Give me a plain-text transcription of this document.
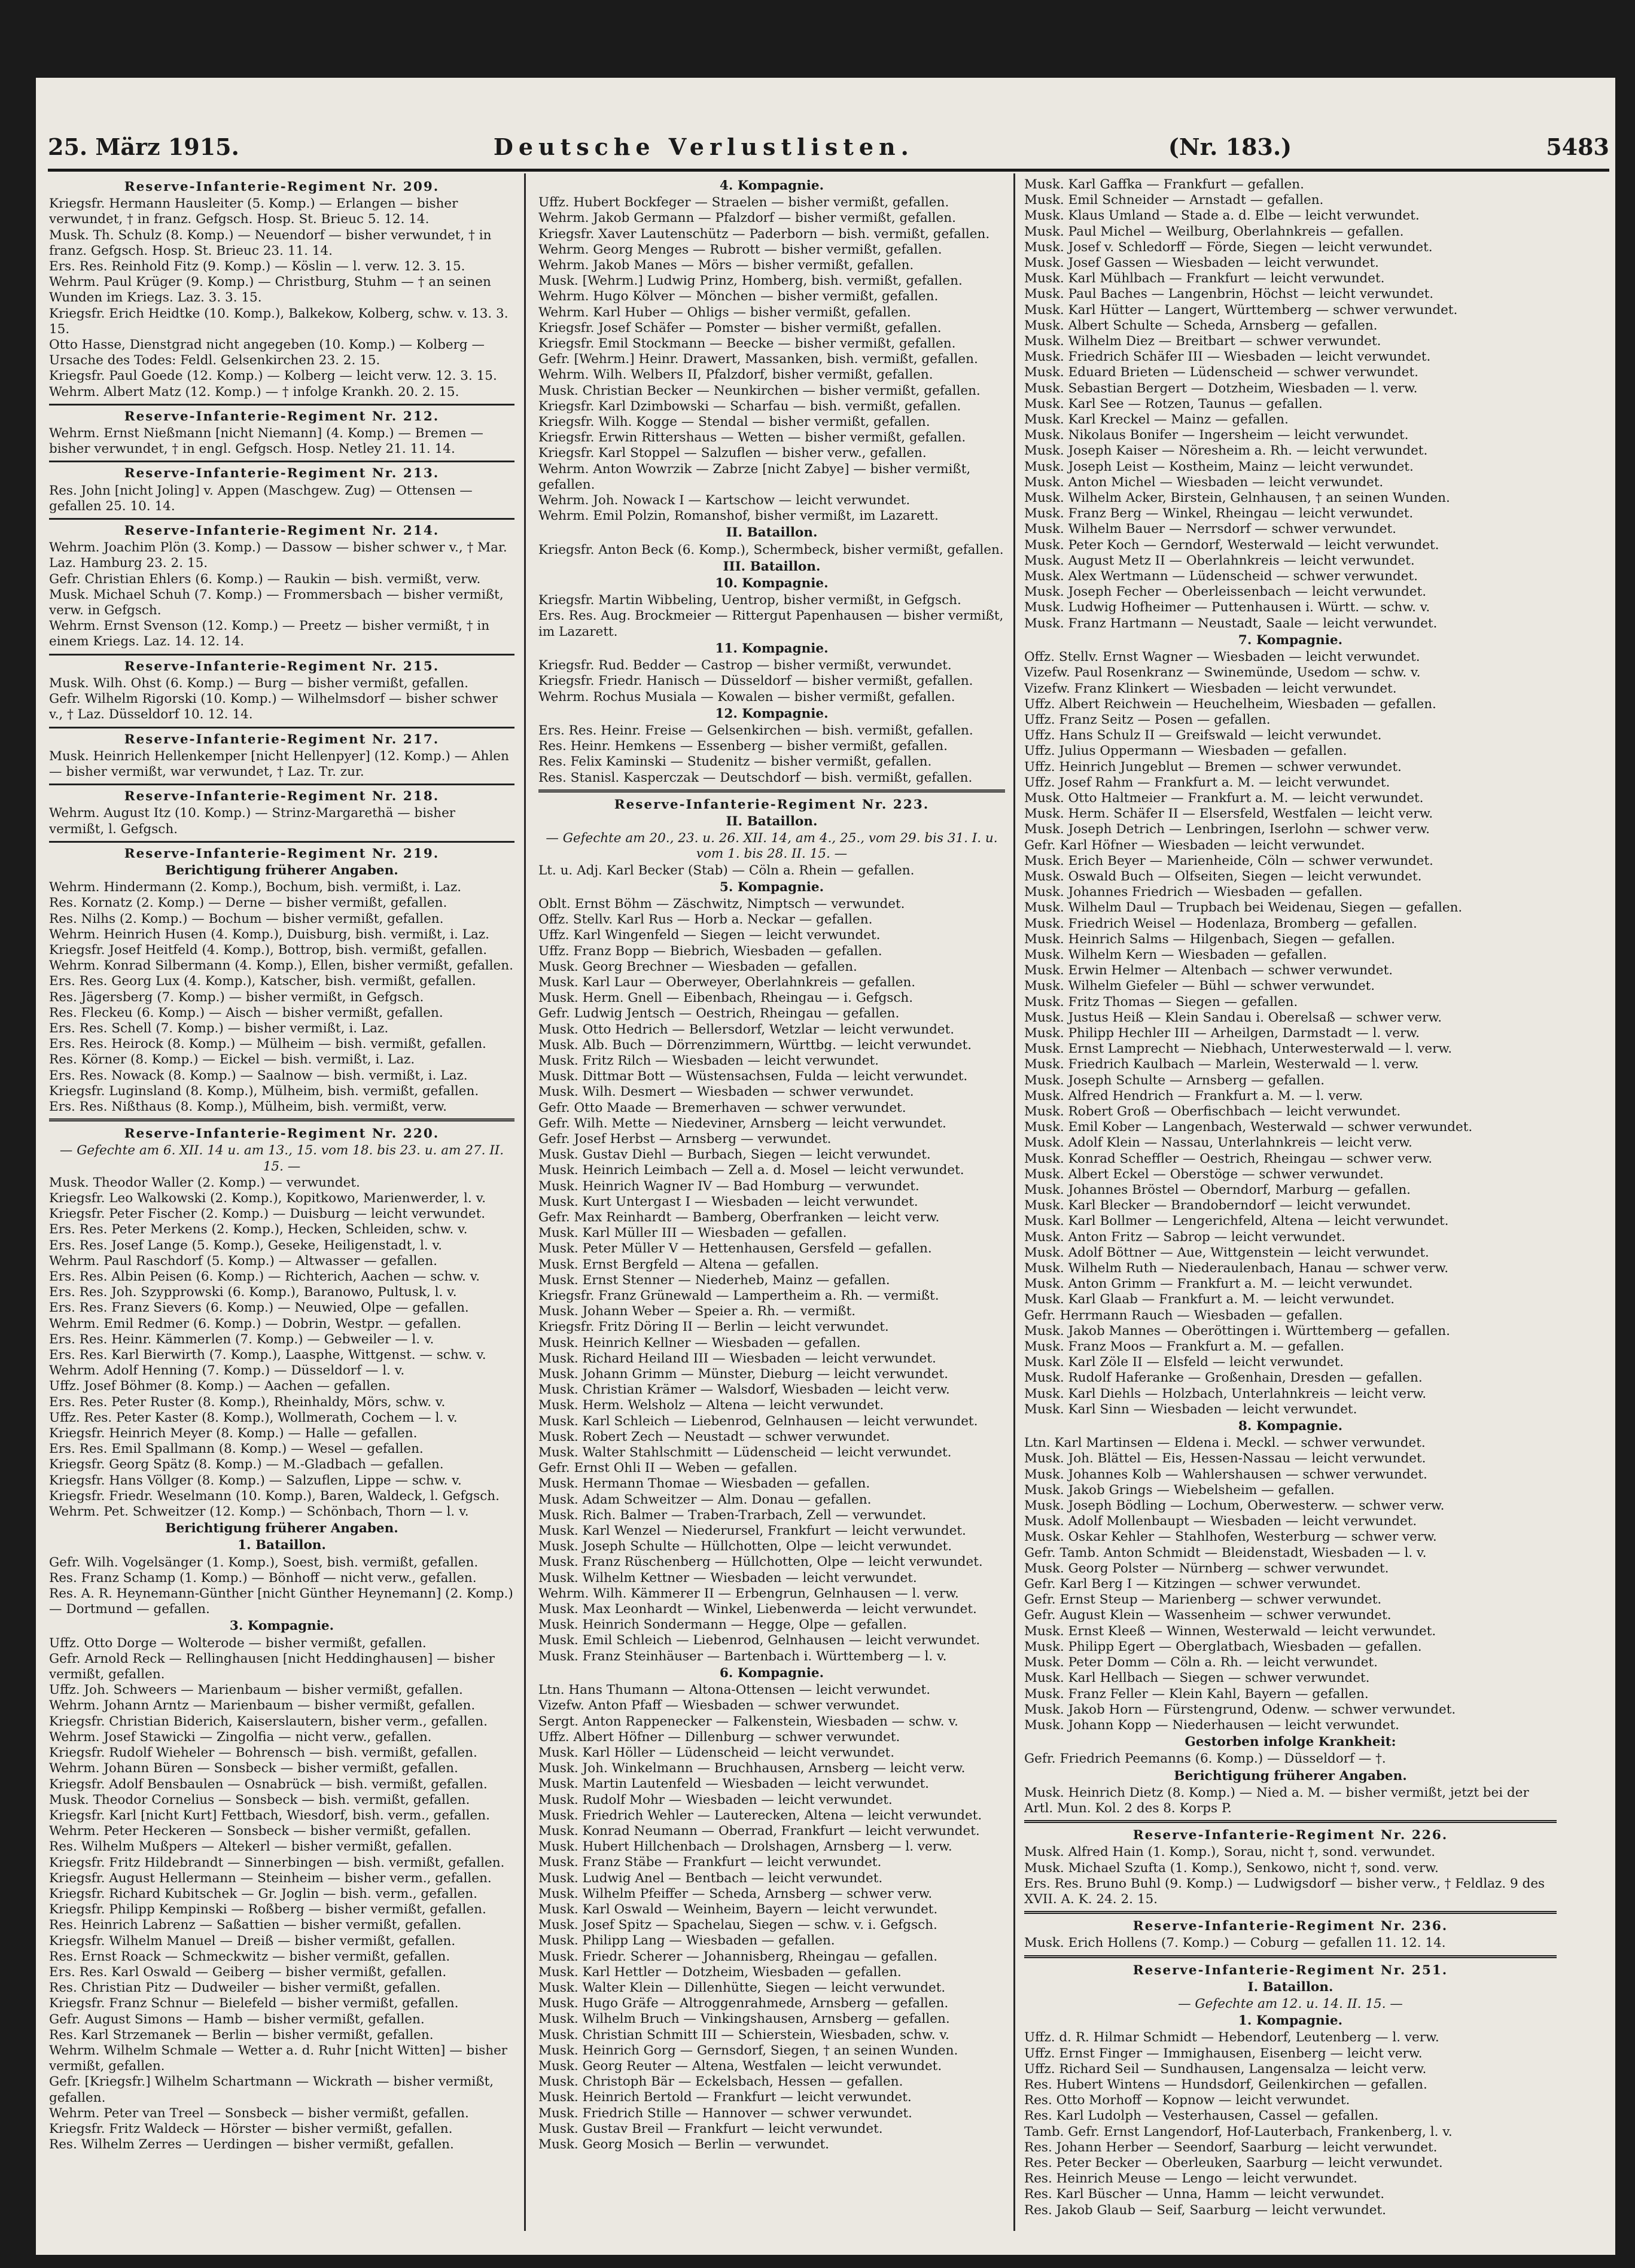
25. März 1915.	Deutsche Verlustlisten.	(Nr. 183.)	5483
Reserve-Infanterie-Regiment Nr. 209.
Kriegsfr. Hermann Hausleiter (5. Komp.) — Erlangen — bisher verwundet, † in franz. Gefgsch. Hosp. St. Brieuc 5. 12. 14.
Musk. Th. Schulz (8. Komp.) — Neuendorf — bisher verwundet, † in franz. Gefgsch. Hosp. St. Brieuc 23. 11. 14.
Ers. Res. Reinhold Fitz (9. Komp.) — Köslin — l. verw. 12. 3. 15.
Wehrm. Paul Krüger (9. Komp.) — Christburg, Stuhm — † an seinen Wunden im Kriegs. Laz. 3. 3. 15.
Kriegsfr. Erich Heidtke (10. Komp.), Balkekow, Kolberg, schw. v. 13. 3. 15.
Otto Hasse, Dienstgrad nicht angegeben (10. Komp.) — Kolberg — Ursache des Todes: Feldl. Gelsenkirchen 23. 2. 15.
Kriegsfr. Paul Goede (12. Komp.) — Kolberg — leicht verw. 12. 3. 15.
Wehrm. Albert Matz (12. Komp.) — † infolge Krankh. 20. 2. 15.
Reserve-Infanterie-Regiment Nr. 212.
Wehrm. Ernst Nießmann [nicht Niemann] (4. Komp.) — Bremen — bisher verwundet, † in engl. Gefgsch. Hosp. Netley 21. 11. 14.
Reserve-Infanterie-Regiment Nr. 213.
Res. John [nicht Joling] v. Appen (Maschgew. Zug) — Ottensen — gefallen 25. 10. 14.
Reserve-Infanterie-Regiment Nr. 214.
Wehrm. Joachim Plön (3. Komp.) — Dassow — bisher schwer v., † Mar. Laz. Hamburg 23. 2. 15.
Gefr. Christian Ehlers (6. Komp.) — Raukin — bish. vermißt, verw.
Musk. Michael Schuh (7. Komp.) — Frommersbach — bisher vermißt, verw. in Gefgsch.
Wehrm. Ernst Svenson (12. Komp.) — Preetz — bisher vermißt, † in einem Kriegs. Laz. 14. 12. 14.
Reserve-Infanterie-Regiment Nr. 215.
Musk. Wilh. Ohst (6. Komp.) — Burg — bisher vermißt, gefallen.
Gefr. Wilhelm Rigorski (10. Komp.) — Wilhelmsdorf — bisher schwer v., † Laz. Düsseldorf 10. 12. 14.
Reserve-Infanterie-Regiment Nr. 217.
Musk. Heinrich Hellenkemper [nicht Hellenpyer] (12. Komp.) — Ahlen — bisher vermißt, war verwundet, † Laz. Tr. zur.
Reserve-Infanterie-Regiment Nr. 218.
Wehrm. August Itz (10. Komp.) — Strinz-Margarethä — bisher vermißt, l. Gefgsch.
Reserve-Infanterie-Regiment Nr. 219.
Berichtigung früherer Angaben.
Wehrm. Hindermann (2. Komp.), Bochum, bish. vermißt, i. Laz.
Res. Kornatz (2. Komp.) — Derne — bisher vermißt, gefallen.
Res. Nilhs (2. Komp.) — Bochum — bisher vermißt, gefallen.
Wehrm. Heinrich Husen (4. Komp.), Duisburg, bish. vermißt, i. Laz.
Kriegsfr. Josef Heitfeld (4. Komp.), Bottrop, bish. vermißt, gefallen.
Wehrm. Konrad Silbermann (4. Komp.), Ellen, bisher vermißt, gefallen.
Ers. Res. Georg Lux (4. Komp.), Katscher, bish. vermißt, gefallen.
Res. Jägersberg (7. Komp.) — bisher vermißt, in Gefgsch.
Res. Fleckeu (6. Komp.) — Aisch — bisher vermißt, gefallen.
Ers. Res. Schell (7. Komp.) — bisher vermißt, i. Laz.
Ers. Res. Heirock (8. Komp.) — Mülheim — bish. vermißt, gefallen.
Res. Körner (8. Komp.) — Eickel — bish. vermißt, i. Laz.
Ers. Res. Nowack (8. Komp.) — Saalnow — bish. vermißt, i. Laz.
Kriegsfr. Luginsland (8. Komp.), Mülheim, bish. vermißt, gefallen.
Ers. Res. Nißthaus (8. Komp.), Mülheim, bish. vermißt, verw.
Reserve-Infanterie-Regiment Nr. 220.
— Gefechte am 6. XII. 14 u. am 13., 15. vom 18. bis 23. u. am 27. II. 15. —
Musk. Theodor Waller (2. Komp.) — verwundet.
Kriegsfr. Leo Walkowski (2. Komp.), Kopitkowo, Marienwerder, l. v.
Kriegsfr. Peter Fischer (2. Komp.) — Duisburg — leicht verwundet.
Ers. Res. Peter Merkens (2. Komp.), Hecken, Schleiden, schw. v.
Ers. Res. Josef Lange (5. Komp.), Geseke, Heiligenstadt, l. v.
Wehrm. Paul Raschdorf (5. Komp.) — Altwasser — gefallen.
Ers. Res. Albin Peisen (6. Komp.) — Richterich, Aachen — schw. v.
Ers. Res. Joh. Szypprowski (6. Komp.), Baranowo, Pultusk, l. v.
Ers. Res. Franz Sievers (6. Komp.) — Neuwied, Olpe — gefallen.
Wehrm. Emil Redmer (6. Komp.) — Dobrin, Westpr. — gefallen.
Ers. Res. Heinr. Kämmerlen (7. Komp.) — Gebweiler — l. v.
Ers. Res. Karl Bierwirth (7. Komp.), Laasphe, Wittgenst. — schw. v.
Wehrm. Adolf Henning (7. Komp.) — Düsseldorf — l. v.
Uffz. Josef Böhmer (8. Komp.) — Aachen — gefallen.
Ers. Res. Peter Ruster (8. Komp.), Rheinhaldy, Mörs, schw. v.
Uffz. Res. Peter Kaster (8. Komp.), Wollmerath, Cochem — l. v.
Kriegsfr. Heinrich Meyer (8. Komp.) — Halle — gefallen.
Ers. Res. Emil Spallmann (8. Komp.) — Wesel — gefallen.
Kriegsfr. Georg Spätz (8. Komp.) — M.-Gladbach — gefallen.
Kriegsfr. Hans Völlger (8. Komp.) — Salzuflen, Lippe — schw. v.
Kriegsfr. Friedr. Weselmann (10. Komp.), Baren, Waldeck, l. Gefgsch.
Wehrm. Pet. Schweitzer (12. Komp.) — Schönbach, Thorn — l. v.
Berichtigung früherer Angaben.
1. Bataillon.
Gefr. Wilh. Vogelsänger (1. Komp.), Soest, bish. vermißt, gefallen.
Res. Franz Schamp (1. Komp.) — Bönhoff — nicht verw., gefallen.
Res. A. R. Heynemann-Günther [nicht Günther Heynemann] (2. Komp.) — Dortmund — gefallen.
3. Kompagnie.
Uffz. Otto Dorge — Wolterode — bisher vermißt, gefallen.
Gefr. Arnold Reck — Rellinghausen [nicht Heddinghausen] — bisher vermißt, gefallen.
Uffz. Joh. Schweers — Marienbaum — bisher vermißt, gefallen.
Wehrm. Johann Arntz — Marienbaum — bisher vermißt, gefallen.
Kriegsfr. Christian Biderich, Kaiserslautern, bisher verm., gefallen.
Wehrm. Josef Stawicki — Zingolfia — nicht verw., gefallen.
Kriegsfr. Rudolf Wieheler — Bohrensch — bish. vermißt, gefallen.
Wehrm. Johann Büren — Sonsbeck — bisher vermißt, gefallen.
Kriegsfr. Adolf Bensbaulen — Osnabrück — bish. vermißt, gefallen.
Musk. Theodor Cornelius — Sonsbeck — bish. vermißt, gefallen.
Kriegsfr. Karl [nicht Kurt] Fettbach, Wiesdorf, bish. verm., gefallen.
Wehrm. Peter Heckeren — Sonsbeck — bisher vermißt, gefallen.
Res. Wilhelm Mußpers — Altekerl — bisher vermißt, gefallen.
Kriegsfr. Fritz Hildebrandt — Sinnerbingen — bish. vermißt, gefallen.
Kriegsfr. August Hellermann — Steinheim — bisher verm., gefallen.
Kriegsfr. Richard Kubitschek — Gr. Joglin — bish. verm., gefallen.
Kriegsfr. Philipp Kempinski — Roßberg — bisher vermißt, gefallen.
Res. Heinrich Labrenz — Saßattien — bisher vermißt, gefallen.
Kriegsfr. Wilhelm Manuel — Dreiß — bisher vermißt, gefallen.
Res. Ernst Roack — Schmeckwitz — bisher vermißt, gefallen.
Ers. Res. Karl Oswald — Geiberg — bisher vermißt, gefallen.
Res. Christian Pitz — Dudweiler — bisher vermißt, gefallen.
Kriegsfr. Franz Schnur — Bielefeld — bisher vermißt, gefallen.
Gefr. August Simons — Hamb — bisher vermißt, gefallen.
Res. Karl Strzemanek — Berlin — bisher vermißt, gefallen.
Wehrm. Wilhelm Schmale — Wetter a. d. Ruhr [nicht Witten] — bisher vermißt, gefallen.
Gefr. [Kriegsfr.] Wilhelm Schartmann — Wickrath — bisher vermißt, gefallen.
Wehrm. Peter van Treel — Sonsbeck — bisher vermißt, gefallen.
Kriegsfr. Fritz Waldeck — Hörster — bisher vermißt, gefallen.
Res. Wilhelm Zerres — Uerdingen — bisher vermißt, gefallen.
4. Kompagnie.
Uffz. Hubert Bockfeger — Straelen — bisher vermißt, gefallen.
Wehrm. Jakob Germann — Pfalzdorf — bisher vermißt, gefallen.
Kriegsfr. Xaver Lautenschütz — Paderborn — bish. vermißt, gefallen.
Wehrm. Georg Menges — Rubrott — bisher vermißt, gefallen.
Wehrm. Jakob Manes — Mörs — bisher vermißt, gefallen.
Musk. [Wehrm.] Ludwig Prinz, Homberg, bish. vermißt, gefallen.
Wehrm. Hugo Kölver — Mönchen — bisher vermißt, gefallen.
Wehrm. Karl Huber — Ohligs — bisher vermißt, gefallen.
Kriegsfr. Josef Schäfer — Pomster — bisher vermißt, gefallen.
Kriegsfr. Emil Stockmann — Beecke — bisher vermißt, gefallen.
Gefr. [Wehrm.] Heinr. Drawert, Massanken, bish. vermißt, gefallen.
Wehrm. Wilh. Welbers II, Pfalzdorf, bisher vermißt, gefallen.
Musk. Christian Becker — Neunkirchen — bisher vermißt, gefallen.
Kriegsfr. Karl Dzimbowski — Scharfau — bish. vermißt, gefallen.
Kriegsfr. Wilh. Kogge — Stendal — bisher vermißt, gefallen.
Kriegsfr. Erwin Rittershaus — Wetten — bisher vermißt, gefallen.
Kriegsfr. Karl Stoppel — Salzuflen — bisher verw., gefallen.
Wehrm. Anton Wowrzik — Zabrze [nicht Zabye] — bisher vermißt, gefallen.
Wehrm. Joh. Nowack I — Kartschow — leicht verwundet.
Wehrm. Emil Polzin, Romanshof, bisher vermißt, im Lazarett.
II. Bataillon.
Kriegsfr. Anton Beck (6. Komp.), Schermbeck, bisher vermißt, gefallen.
III. Bataillon.
10. Kompagnie.
Kriegsfr. Martin Wibbeling, Uentrop, bisher vermißt, in Gefgsch.
Ers. Res. Aug. Brockmeier — Rittergut Papenhausen — bisher vermißt, im Lazarett.
11. Kompagnie.
Kriegsfr. Rud. Bedder — Castrop — bisher vermißt, verwundet.
Kriegsfr. Friedr. Hanisch — Düsseldorf — bisher vermißt, gefallen.
Wehrm. Rochus Musiala — Kowalen — bisher vermißt, gefallen.
12. Kompagnie.
Ers. Res. Heinr. Freise — Gelsenkirchen — bish. vermißt, gefallen.
Res. Heinr. Hemkens — Essenberg — bisher vermißt, gefallen.
Res. Felix Kaminski — Studenitz — bisher vermißt, gefallen.
Res. Stanisl. Kasperczak — Deutschdorf — bish. vermißt, gefallen.
Reserve-Infanterie-Regiment Nr. 223.
II. Bataillon.
— Gefechte am 20., 23. u. 26. XII. 14, am 4., 25., vom 29. bis 31. I. u. vom 1. bis 28. II. 15. —
Lt. u. Adj. Karl Becker (Stab) — Cöln a. Rhein — gefallen.
5. Kompagnie.
Oblt. Ernst Böhm — Zäschwitz, Nimptsch — verwundet.
Offz. Stellv. Karl Rus — Horb a. Neckar — gefallen.
Uffz. Karl Wingenfeld — Siegen — leicht verwundet.
Uffz. Franz Bopp — Biebrich, Wiesbaden — gefallen.
Musk. Georg Brechner — Wiesbaden — gefallen.
Musk. Karl Laur — Oberweyer, Oberlahnkreis — gefallen.
Musk. Herm. Gnell — Eibenbach, Rheingau — i. Gefgsch.
Gefr. Ludwig Jentsch — Oestrich, Rheingau — gefallen.
Musk. Otto Hedrich — Bellersdorf, Wetzlar — leicht verwundet.
Musk. Alb. Buch — Dörrenzimmern, Württbg. — leicht verwundet.
Musk. Fritz Rilch — Wiesbaden — leicht verwundet.
Musk. Dittmar Bott — Wüstensachsen, Fulda — leicht verwundet.
Musk. Wilh. Desmert — Wiesbaden — schwer verwundet.
Gefr. Otto Maade — Bremerhaven — schwer verwundet.
Gefr. Wilh. Mette — Niedeviner, Arnsberg — leicht verwundet.
Gefr. Josef Herbst — Arnsberg — verwundet.
Musk. Gustav Diehl — Burbach, Siegen — leicht verwundet.
Musk. Heinrich Leimbach — Zell a. d. Mosel — leicht verwundet.
Musk. Heinrich Wagner IV — Bad Homburg — verwundet.
Musk. Kurt Untergast I — Wiesbaden — leicht verwundet.
Gefr. Max Reinhardt — Bamberg, Oberfranken — leicht verw.
Musk. Karl Müller III — Wiesbaden — gefallen.
Musk. Peter Müller V — Hettenhausen, Gersfeld — gefallen.
Musk. Ernst Bergfeld — Altena — gefallen.
Musk. Ernst Stenner — Niederheb, Mainz — gefallen.
Kriegsfr. Franz Grünewald — Lampertheim a. Rh. — vermißt.
Musk. Johann Weber — Speier a. Rh. — vermißt.
Kriegsfr. Fritz Döring II — Berlin — leicht verwundet.
Musk. Heinrich Kellner — Wiesbaden — gefallen.
Musk. Richard Heiland III — Wiesbaden — leicht verwundet.
Musk. Johann Grimm — Münster, Dieburg — leicht verwundet.
Musk. Christian Krämer — Walsdorf, Wiesbaden — leicht verw.
Musk. Herm. Welsholz — Altena — leicht verwundet.
Musk. Karl Schleich — Liebenrod, Gelnhausen — leicht verwundet.
Musk. Robert Zech — Neustadt — schwer verwundet.
Musk. Walter Stahlschmitt — Lüdenscheid — leicht verwundet.
Gefr. Ernst Ohli II — Weben — gefallen.
Musk. Hermann Thomae — Wiesbaden — gefallen.
Musk. Adam Schweitzer — Alm. Donau — gefallen.
Musk. Rich. Balmer — Traben-Trarbach, Zell — verwundet.
Musk. Karl Wenzel — Niederursel, Frankfurt — leicht verwundet.
Musk. Joseph Schulte — Hüllchotten, Olpe — leicht verwundet.
Musk. Franz Rüschenberg — Hüllchotten, Olpe — leicht verwundet.
Musk. Wilhelm Kettner — Wiesbaden — leicht verwundet.
Wehrm. Wilh. Kämmerer II — Erbengrun, Gelnhausen — l. verw.
Musk. Max Leonhardt — Winkel, Liebenwerda — leicht verwundet.
Musk. Heinrich Sondermann — Hegge, Olpe — gefallen.
Musk. Emil Schleich — Liebenrod, Gelnhausen — leicht verwundet.
Musk. Franz Steinhäuser — Bartenbach i. Württemberg — l. v.
6. Kompagnie.
Ltn. Hans Thumann — Altona-Ottensen — leicht verwundet.
Vizefw. Anton Pfaff — Wiesbaden — schwer verwundet.
Sergt. Anton Rappenecker — Falkenstein, Wiesbaden — schw. v.
Uffz. Albert Höfner — Dillenburg — schwer verwundet.
Musk. Karl Höller — Lüdenscheid — leicht verwundet.
Musk. Joh. Winkelmann — Bruchhausen, Arnsberg — leicht verw.
Musk. Martin Lautenfeld — Wiesbaden — leicht verwundet.
Musk. Rudolf Mohr — Wiesbaden — leicht verwundet.
Musk. Friedrich Wehler — Lauterecken, Altena — leicht verwundet.
Musk. Konrad Neumann — Oberrad, Frankfurt — leicht verwundet.
Musk. Hubert Hillchenbach — Drolshagen, Arnsberg — l. verw.
Musk. Franz Stäbe — Frankfurt — leicht verwundet.
Musk. Ludwig Anel — Bentbach — leicht verwundet.
Musk. Wilhelm Pfeiffer — Scheda, Arnsberg — schwer verw.
Musk. Karl Oswald — Weinheim, Bayern — leicht verwundet.
Musk. Josef Spitz — Spachelau, Siegen — schw. v. i. Gefgsch.
Musk. Philipp Lang — Wiesbaden — gefallen.
Musk. Friedr. Scherer — Johannisberg, Rheingau — gefallen.
Musk. Karl Hettler — Dotzheim, Wiesbaden — gefallen.
Musk. Walter Klein — Dillenhütte, Siegen — leicht verwundet.
Musk. Hugo Gräfe — Altroggenrahmede, Arnsberg — gefallen.
Musk. Wilhelm Bruch — Vinkingshausen, Arnsberg — gefallen.
Musk. Christian Schmitt III — Schierstein, Wiesbaden, schw. v.
Musk. Heinrich Gorg — Gernsdorf, Siegen, † an seinen Wunden.
Musk. Georg Reuter — Altena, Westfalen — leicht verwundet.
Musk. Christoph Bär — Eckelsbach, Hessen — gefallen.
Musk. Heinrich Bertold — Frankfurt — leicht verwundet.
Musk. Friedrich Stille — Hannover — schwer verwundet.
Musk. Gustav Breil — Frankfurt — leicht verwundet.
Musk. Georg Mosich — Berlin — verwundet.
Musk. Karl Gaffka — Frankfurt — gefallen.
Musk. Emil Schneider — Arnstadt — gefallen.
Musk. Klaus Umland — Stade a. d. Elbe — leicht verwundet.
Musk. Paul Michel — Weilburg, Oberlahnkreis — gefallen.
Musk. Josef v. Schledorff — Förde, Siegen — leicht verwundet.
Musk. Josef Gassen — Wiesbaden — leicht verwundet.
Musk. Karl Mühlbach — Frankfurt — leicht verwundet.
Musk. Paul Baches — Langenbrin, Höchst — leicht verwundet.
Musk. Karl Hütter — Langert, Württemberg — schwer verwundet.
Musk. Albert Schulte — Scheda, Arnsberg — gefallen.
Musk. Wilhelm Diez — Breitbart — schwer verwundet.
Musk. Friedrich Schäfer III — Wiesbaden — leicht verwundet.
Musk. Eduard Brieten — Lüdenscheid — schwer verwundet.
Musk. Sebastian Bergert — Dotzheim, Wiesbaden — l. verw.
Musk. Karl See — Rotzen, Taunus — gefallen.
Musk. Karl Kreckel — Mainz — gefallen.
Musk. Nikolaus Bonifer — Ingersheim — leicht verwundet.
Musk. Joseph Kaiser — Nöresheim a. Rh. — leicht verwundet.
Musk. Joseph Leist — Kostheim, Mainz — leicht verwundet.
Musk. Anton Michel — Wiesbaden — leicht verwundet.
Musk. Wilhelm Acker, Birstein, Gelnhausen, † an seinen Wunden.
Musk. Franz Berg — Winkel, Rheingau — leicht verwundet.
Musk. Wilhelm Bauer — Nerrsdorf — schwer verwundet.
Musk. Peter Koch — Gerndorf, Westerwald — leicht verwundet.
Musk. August Metz II — Oberlahnkreis — leicht verwundet.
Musk. Alex Wertmann — Lüdenscheid — schwer verwundet.
Musk. Joseph Fecher — Oberleissenbach — leicht verwundet.
Musk. Ludwig Hofheimer — Puttenhausen i. Württ. — schw. v.
Musk. Franz Hartmann — Neustadt, Saale — leicht verwundet.
7. Kompagnie.
Offz. Stellv. Ernst Wagner — Wiesbaden — leicht verwundet.
Vizefw. Paul Rosenkranz — Swinemünde, Usedom — schw. v.
Vizefw. Franz Klinkert — Wiesbaden — leicht verwundet.
Uffz. Albert Reichwein — Heuchelheim, Wiesbaden — gefallen.
Uffz. Franz Seitz — Posen — gefallen.
Uffz. Hans Schulz II — Greifswald — leicht verwundet.
Uffz. Julius Oppermann — Wiesbaden — gefallen.
Uffz. Heinrich Jungeblut — Bremen — schwer verwundet.
Uffz. Josef Rahm — Frankfurt a. M. — leicht verwundet.
Musk. Otto Haltmeier — Frankfurt a. M. — leicht verwundet.
Musk. Herm. Schäfer II — Elsersfeld, Westfalen — leicht verw.
Musk. Joseph Detrich — Lenbringen, Iserlohn — schwer verw.
Gefr. Karl Höfner — Wiesbaden — leicht verwundet.
Musk. Erich Beyer — Marienheide, Cöln — schwer verwundet.
Musk. Oswald Buch — Olfseiten, Siegen — leicht verwundet.
Musk. Johannes Friedrich — Wiesbaden — gefallen.
Musk. Wilhelm Daul — Trupbach bei Weidenau, Siegen — gefallen.
Musk. Friedrich Weisel — Hodenlaza, Bromberg — gefallen.
Musk. Heinrich Salms — Hilgenbach, Siegen — gefallen.
Musk. Wilhelm Kern — Wiesbaden — gefallen.
Musk. Erwin Helmer — Altenbach — schwer verwundet.
Musk. Wilhelm Giefeler — Bühl — schwer verwundet.
Musk. Fritz Thomas — Siegen — gefallen.
Musk. Justus Heiß — Klein Sandau i. Oberelsaß — schwer verw.
Musk. Philipp Hechler III — Arheilgen, Darmstadt — l. verw.
Musk. Ernst Lamprecht — Niebhach, Unterwesterwald — l. verw.
Musk. Friedrich Kaulbach — Marlein, Westerwald — l. verw.
Musk. Joseph Schulte — Arnsberg — gefallen.
Musk. Alfred Hendrich — Frankfurt a. M. — l. verw.
Musk. Robert Groß — Oberfischbach — leicht verwundet.
Musk. Emil Kober — Langenbach, Westerwald — schwer verwundet.
Musk. Adolf Klein — Nassau, Unterlahnkreis — leicht verw.
Musk. Konrad Scheffler — Oestrich, Rheingau — schwer verw.
Musk. Albert Eckel — Oberstöge — schwer verwundet.
Musk. Johannes Bröstel — Oberndorf, Marburg — gefallen.
Musk. Karl Blecker — Brandoberndorf — leicht verwundet.
Musk. Karl Bollmer — Lengerichfeld, Altena — leicht verwundet.
Musk. Anton Fritz — Sabrop — leicht verwundet.
Musk. Adolf Böttner — Aue, Wittgenstein — leicht verwundet.
Musk. Wilhelm Ruth — Niederaulenbach, Hanau — schwer verw.
Musk. Anton Grimm — Frankfurt a. M. — leicht verwundet.
Musk. Karl Glaab — Frankfurt a. M. — leicht verwundet.
Gefr. Herrmann Rauch — Wiesbaden — gefallen.
Musk. Jakob Mannes — Oberöttingen i. Württemberg — gefallen.
Musk. Franz Moos — Frankfurt a. M. — gefallen.
Musk. Karl Zöle II — Elsfeld — leicht verwundet.
Musk. Rudolf Haferanke — Großenhain, Dresden — gefallen.
Musk. Karl Diehls — Holzbach, Unterlahnkreis — leicht verw.
Musk. Karl Sinn — Wiesbaden — leicht verwundet.
8. Kompagnie.
Ltn. Karl Martinsen — Eldena i. Meckl. — schwer verwundet.
Musk. Joh. Blättel — Eis, Hessen-Nassau — leicht verwundet.
Musk. Johannes Kolb — Wahlershausen — schwer verwundet.
Musk. Jakob Grings — Wiebelsheim — gefallen.
Musk. Joseph Bödling — Lochum, Oberwesterw. — schwer verw.
Musk. Adolf Mollenbaupt — Wiesbaden — leicht verwundet.
Musk. Oskar Kehler — Stahlhofen, Westerburg — schwer verw.
Gefr. Tamb. Anton Schmidt — Bleidenstadt, Wiesbaden — l. v.
Musk. Georg Polster — Nürnberg — schwer verwundet.
Gefr. Karl Berg I — Kitzingen — schwer verwundet.
Gefr. Ernst Steup — Marienberg — schwer verwundet.
Gefr. August Klein — Wassenheim — schwer verwundet.
Musk. Ernst Kleeß — Winnen, Westerwald — leicht verwundet.
Musk. Philipp Egert — Oberglatbach, Wiesbaden — gefallen.
Musk. Peter Domm — Cöln a. Rh. — leicht verwundet.
Musk. Karl Hellbach — Siegen — schwer verwundet.
Musk. Franz Feller — Klein Kahl, Bayern — gefallen.
Musk. Jakob Horn — Fürstengrund, Odenw. — schwer verwundet.
Musk. Johann Kopp — Niederhausen — leicht verwundet.
Gestorben infolge Krankheit:
Gefr. Friedrich Peemanns (6. Komp.) — Düsseldorf — †.
Berichtigung früherer Angaben.
Musk. Heinrich Dietz (8. Komp.) — Nied a. M. — bisher vermißt, jetzt bei der Artl. Mun. Kol. 2 des 8. Korps P.
Reserve-Infanterie-Regiment Nr. 226.
Musk. Alfred Hain (1. Komp.), Sorau, nicht †, sond. verwundet.
Musk. Michael Szufta (1. Komp.), Senkowo, nicht †, sond. verw.
Ers. Res. Bruno Buhl (9. Komp.) — Ludwigsdorf — bisher verw., † Feldlaz. 9 des XVII. A. K. 24. 2. 15.
Reserve-Infanterie-Regiment Nr. 236.
Musk. Erich Hollens (7. Komp.) — Coburg — gefallen 11. 12. 14.
Reserve-Infanterie-Regiment Nr. 251.
I. Bataillon.
— Gefechte am 12. u. 14. II. 15. —
1. Kompagnie.
Uffz. d. R. Hilmar Schmidt — Hebendorf, Leutenberg — l. verw.
Uffz. Ernst Finger — Immighausen, Eisenberg — leicht verw.
Uffz. Richard Seil — Sundhausen, Langensalza — leicht verw.
Res. Hubert Wintens — Hundsdorf, Geilenkirchen — gefallen.
Res. Otto Morhoff — Kopnow — leicht verwundet.
Res. Karl Ludolph — Vesterhausen, Cassel — gefallen.
Tamb. Gefr. Ernst Langendorf, Hof-Lauterbach, Frankenberg, l. v.
Res. Johann Herber — Seendorf, Saarburg — leicht verwundet.
Res. Peter Becker — Oberleuken, Saarburg — leicht verwundet.
Res. Heinrich Meuse — Lengo — leicht verwundet.
Res. Karl Büscher — Unna, Hamm — leicht verwundet.
Res. Jakob Glaub — Seif, Saarburg — leicht verwundet.
